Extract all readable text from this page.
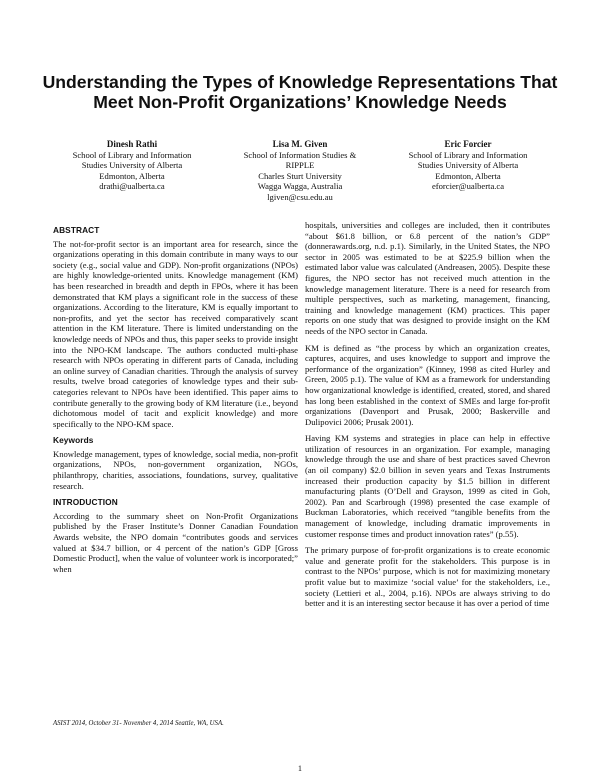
Understanding the Types of Knowledge Representations That Meet Non-Profit Organizations’ Knowledge Needs
Dinesh Rathi
School of Library and Information
Studies University of Alberta
Edmonton, Alberta
drathi@ualberta.ca
Lisa M. Given
School of Information Studies &
RIPPLE
Charles Sturt University
Wagga Wagga, Australia
lgiven@csu.edu.au
Eric Forcier
School of Library and Information
Studies University of Alberta
Edmonton, Alberta
eforcier@ualberta.ca
ABSTRACT

The not-for-profit sector is an important area for research, since the organizations operating in this domain contribute in many ways to our society (e.g., social value and GDP). Non-profit organizations (NPOs) are highly knowledge-oriented units. Knowledge management (KM) has been researched in breadth and depth in FPOs, where it has been demonstrated that KM plays a significant role in the success of these organizations. According to the literature, KM is equally important to non-profits, and yet the sector has received comparatively scant attention in the KM literature. There is limited understanding on the knowledge needs of NPOs and thus, this paper seeks to provide insight into the NPO-KM landscape. The authors conducted multi-phase research with NPOs operating in different parts of Canada, including an online survey of Canadian charities. Through the analysis of survey results, twelve broad categories of knowledge types and their sub-categories relevant to NPOs have been identified. This paper aims to contribute generally to the growing body of KM literature (i.e., beyond dichotomous model of tacit and explicit knowledge) and more specifically to the NPO-KM space.

Keywords

Knowledge management, types of knowledge, social media, non-profit organizations, NPOs, non-government organization, NGOs, philanthropy, charities, associations, foundations, survey, qualitative research.

INTRODUCTION

According to the summary sheet on Non-Profit Organizations published by the Fraser Institute’s Donner Canadian Foundation Awards website, the NPO domain “contributes goods and services valued at $34.7 billion, or 4 percent of the nation’s GDP [Gross Domestic Product], when the value of volunteer work is incorporated;” when

hospitals, universities and colleges are included, then it contributes “about $61.8 billion, or 6.8 percent of the nation’s GDP” (donnerawards.org, n.d. p.1). Similarly, in the United States, the NPO sector in 2005 was estimated to be at $225.9 billion when the estimated labor value was calculated (Andreasen, 2005). Despite these figures, the NPO sector has not received much attention in the knowledge management literature. There is a need for research from multiple perspectives, such as marketing, management, financing, training and knowledge management (KM) practices. This paper reports on one study that was designed to provide insight on the KM needs of the NPO sector in Canada.

KM is defined as “the process by which an organization creates, captures, acquires, and uses knowledge to support and improve the performance of the organization” (Kinney, 1998 as cited Hurley and Green, 2005 p.1). The value of KM as a framework for understanding how organizational knowledge is identified, created, stored, and shared has long been established in the context of SMEs and large for-profit organizations (Davenport and Prusak, 2000; Baskerville and Dulipovici 2006; Prusak 2001).

Having KM systems and strategies in place can help in effective utilization of resources in an organization. For example, managing knowledge through the use and share of best practices saved Chevron (an oil company) $2.0 billion in seven years and Texas Instruments increased their production capacity by $1.5 billion in different manufacturing plants (O’Dell and Grayson, 1999 as cited in Goh, 2002). Pan and Scarbrough (1998) presented the case example of Buckman Laboratories, which received “tangible benefits from the management of knowledge, including dramatic improvements in customer response times and product innovation rates” (p.55).

The primary purpose of for-profit organizations is to create economic value and generate profit for the stakeholders. This purpose is in contrast to the NPOs’ purpose, which is not for maximizing monetary profit value but to maximize ‘social value’ for the stakeholders, i.e., society (Lettieri et al., 2004, p.16). NPOs are always striving to do better and it is an interesting sector because it has over a period of time

ASIST 2014, October 31- November 4, 2014 Seattle, WA, USA.
1
